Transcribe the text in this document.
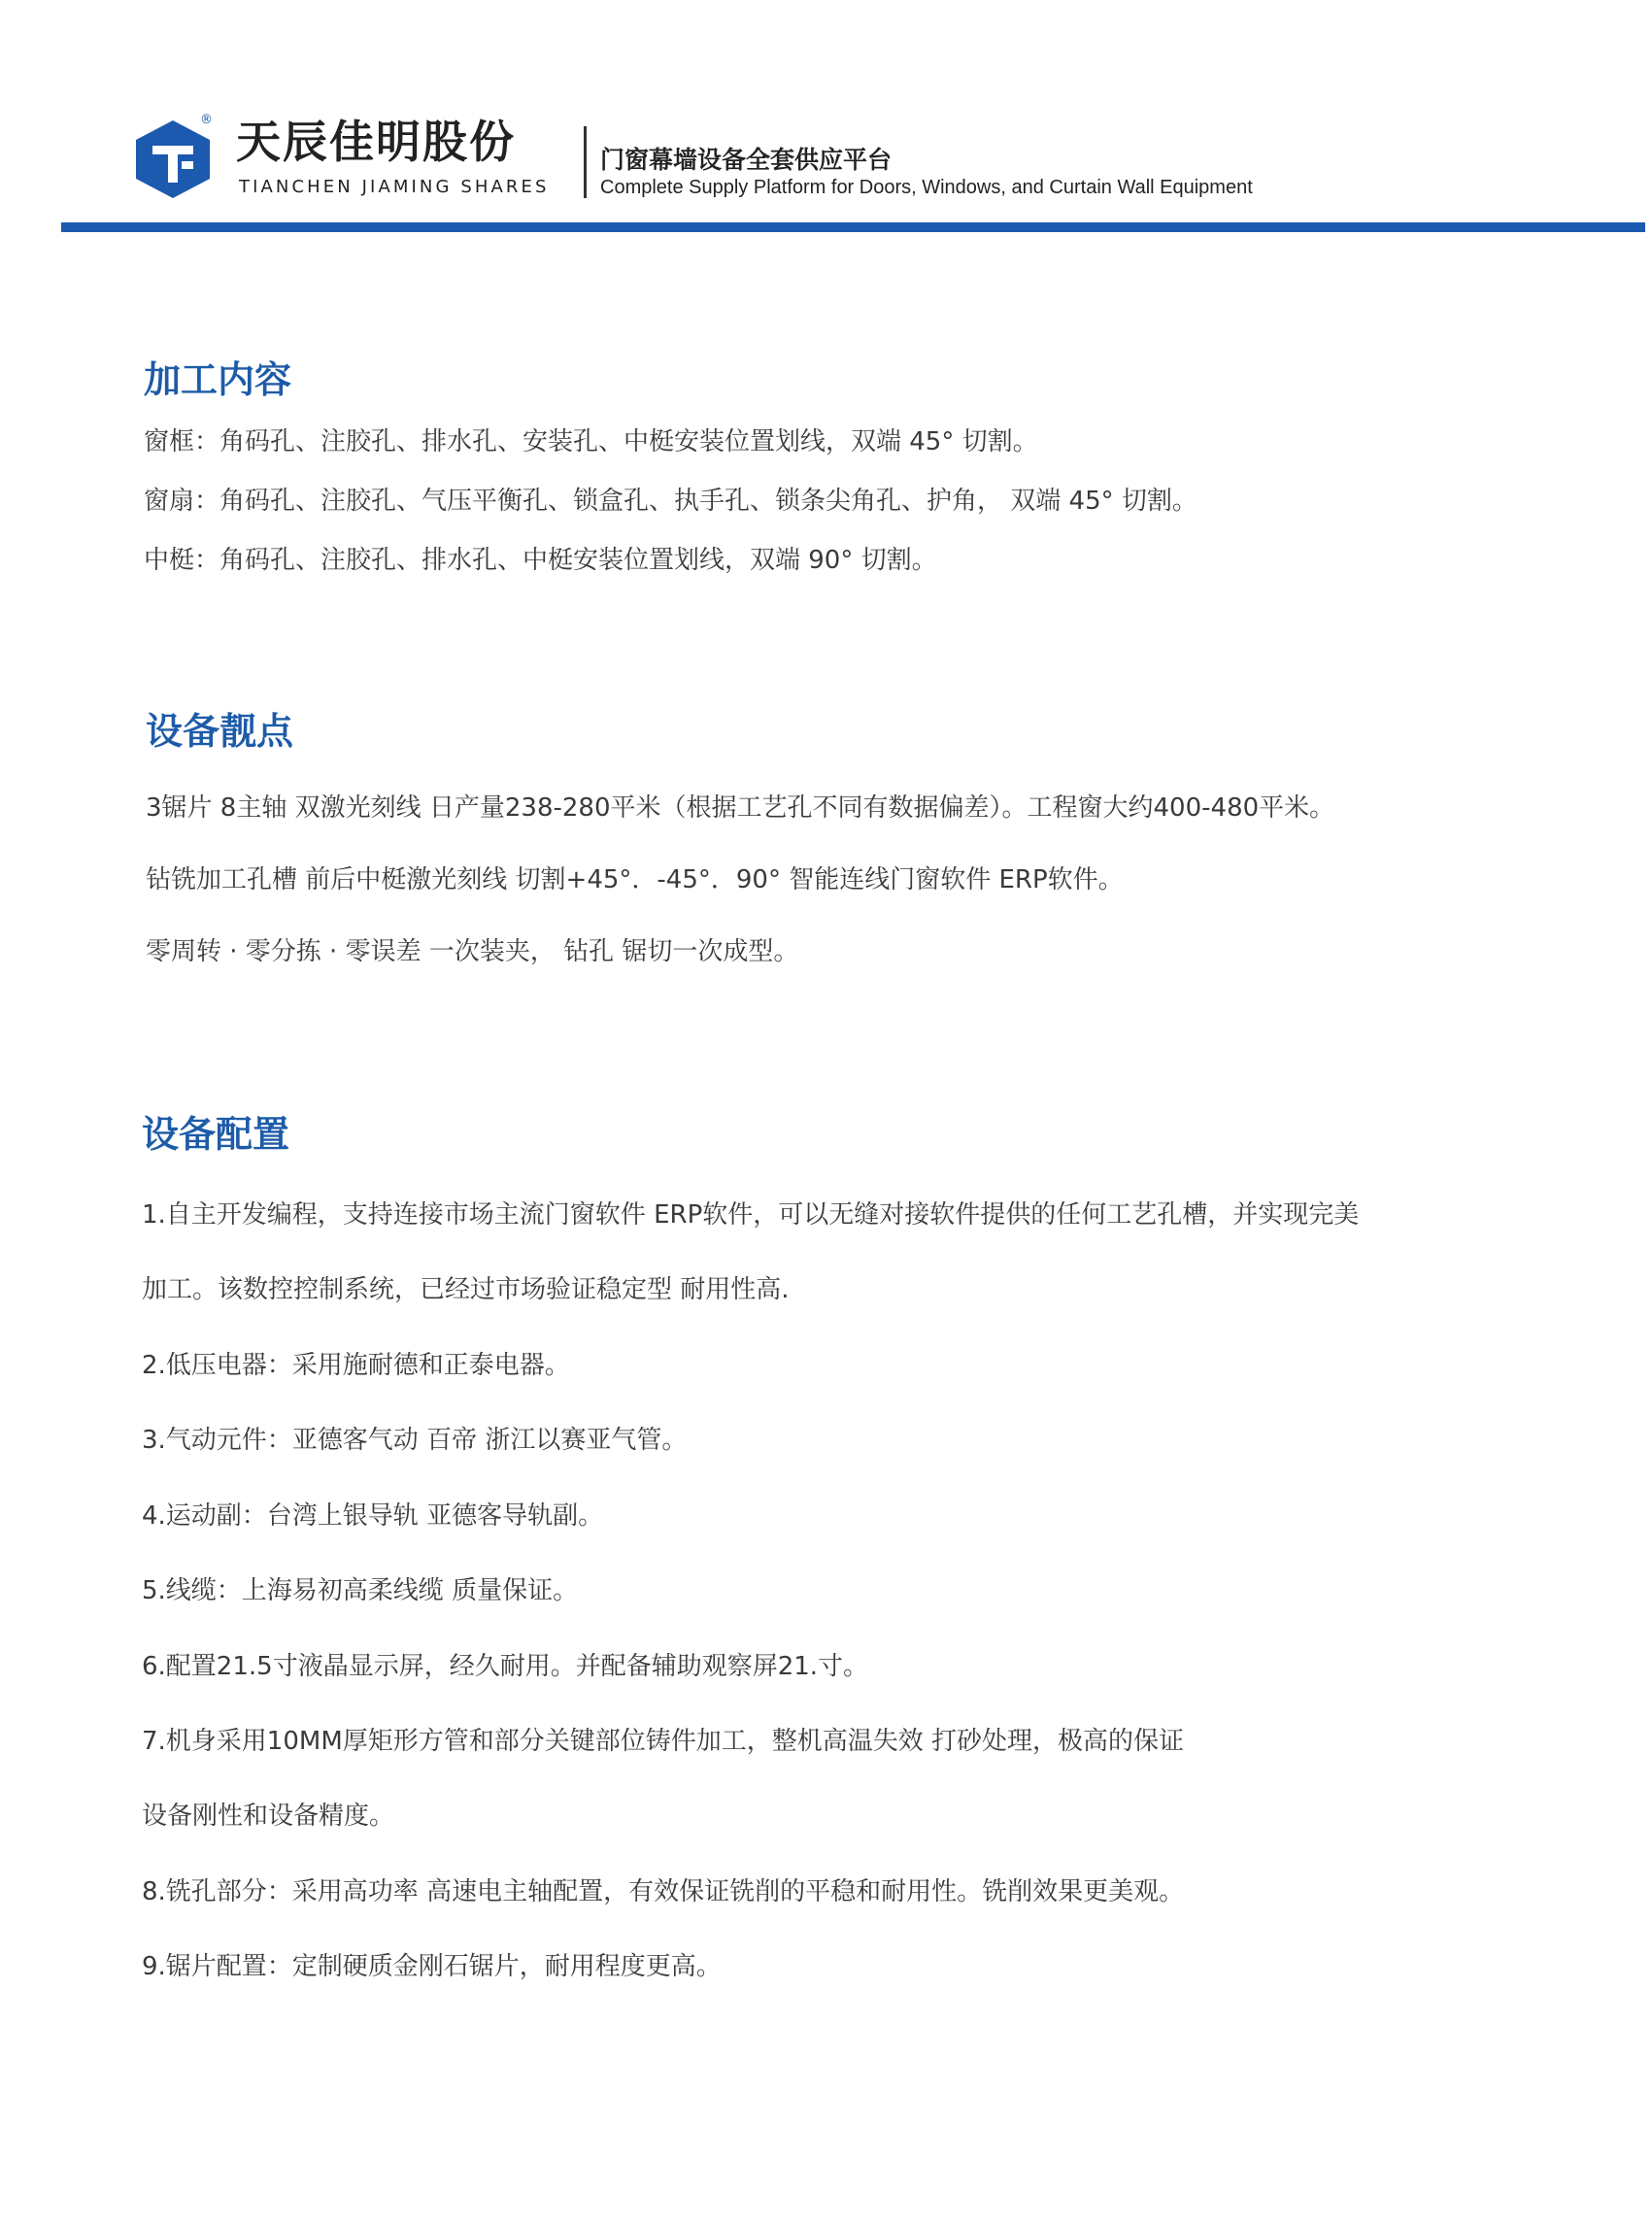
® 天辰佳明股份
TIANCHEN JIAMING SHARES
门窗幕墙设备全套供应平台
Complete Supply Platform for Doors, Windows, and Curtain Wall Equipment
加工内容
窗框：角码孔、注胶孔、排水孔、安装孔、中梃安装位置划线，双端 45° 切割。
窗扇：角码孔、注胶孔、气压平衡孔、锁盒孔、执手孔、锁条尖角孔、护角， 双端 45° 切割。
中梃：角码孔、注胶孔、排水孔、中梃安装位置划线，双端 90° 切割。
设备靓点
3锯片 8主轴 双激光刻线 日产量238-280平米（根据工艺孔不同有数据偏差）。工程窗大约400-480平米。
钻铣加工孔槽 前后中梃激光刻线 切割+45°．-45°．90° 智能连线门窗软件 ERP软件。
零周转 · 零分拣 · 零误差 一次装夹， 钻孔 锯切一次成型。
设备配置
1.自主开发编程，支持连接市场主流门窗软件 ERP软件，可以无缝对接软件提供的任何工艺孔槽，并实现完美
加工。该数控控制系统，已经过市场验证稳定型 耐用性高.
2.低压电器：采用施耐德和正泰电器。
3.气动元件：亚德客气动 百帝 浙江以赛亚气管。
4.运动副：台湾上银导轨 亚德客导轨副。
5.线缆：上海易初高柔线缆 质量保证。
6.配置21.5寸液晶显示屏，经久耐用。并配备辅助观察屏21.寸。
7.机身采用10MM厚矩形方管和部分关键部位铸件加工，整机高温失效 打砂处理，极高的保证
设备刚性和设备精度。
8.铣孔部分：采用高功率 高速电主轴配置，有效保证铣削的平稳和耐用性。铣削效果更美观。
9.锯片配置：定制硬质金刚石锯片，耐用程度更高。
